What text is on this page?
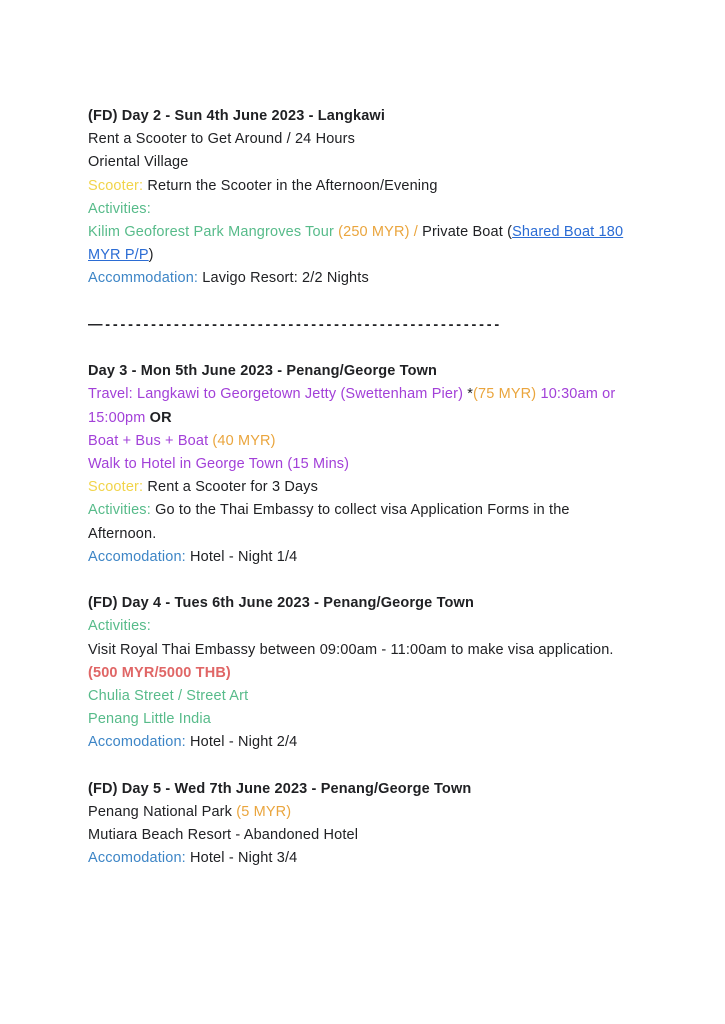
(FD) Day 2 - Sun 4th June 2023 - Langkawi
Rent a Scooter to Get Around / 24 Hours
Oriental Village
Scooter: Return the Scooter in the Afternoon/Evening
Activities:
Kilim Geoforest Park Mangroves Tour (250 MYR) / Private Boat (Shared Boat 180
MYR P/P)
Accommodation: Lavigo Resort: 2/2 Nights
—----------------------------------------------------
Day 3 - Mon 5th June 2023 - Penang/George Town
Travel: Langkawi to Georgetown Jetty (Swettenham Pier) *(75 MYR) 10:30am or
15:00pm OR
Boat + Bus + Boat (40 MYR)
Walk to Hotel in George Town (15 Mins)
Scooter: Rent a Scooter for 3 Days
Activities: Go to the Thai Embassy to collect visa Application Forms in the
Afternoon.
Accomodation: Hotel - Night 1/4
(FD) Day 4 - Tues 6th June 2023 - Penang/George Town
Activities:
Visit Royal Thai Embassy between 09:00am - 11:00am to make visa application.
(500 MYR/5000 THB)
Chulia Street / Street Art
Penang Little India
Accomodation: Hotel - Night 2/4
(FD) Day 5 - Wed 7th June 2023 - Penang/George Town
Penang National Park (5 MYR)
Mutiara Beach Resort - Abandoned Hotel
Accomodation: Hotel - Night 3/4
